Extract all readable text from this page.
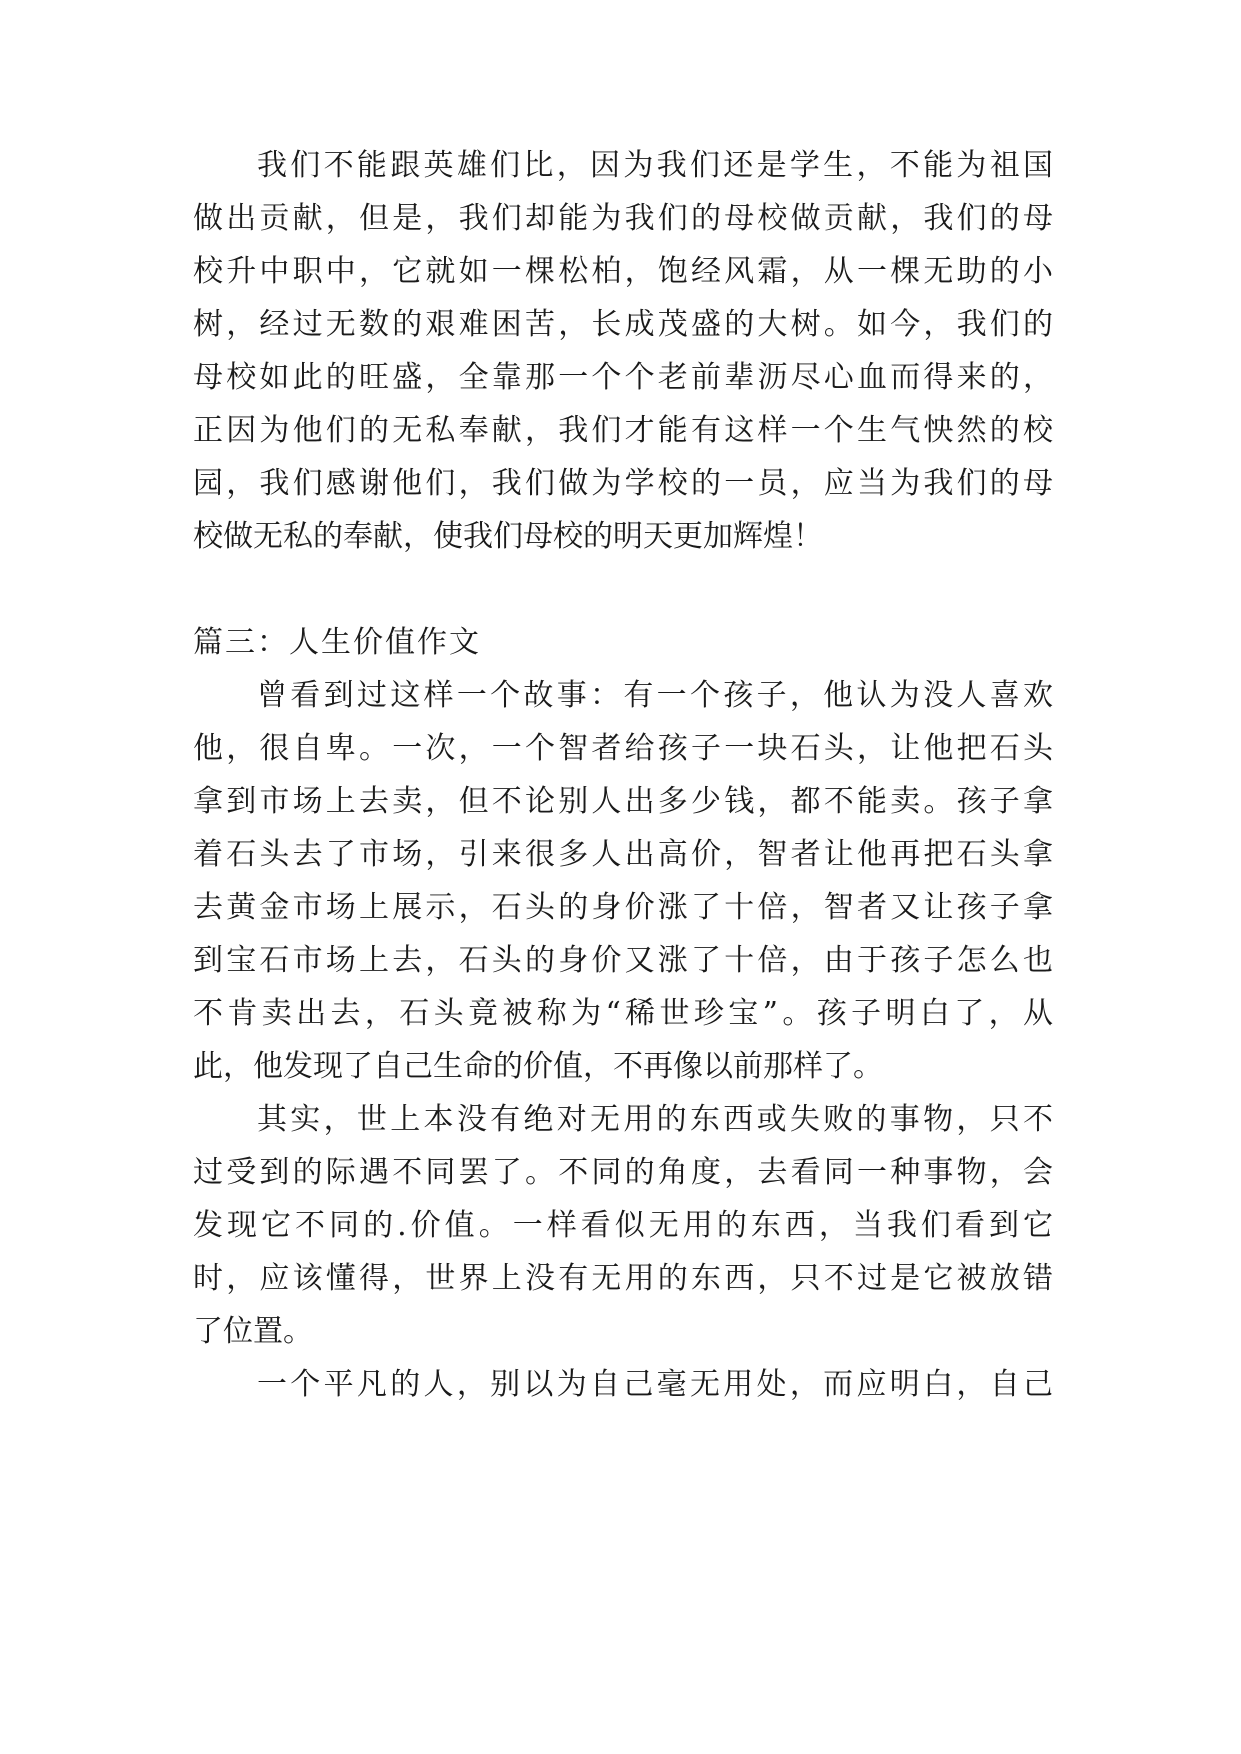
我们不能跟英雄们比，因为我们还是学生，不能为祖国
做出贡献，但是，我们却能为我们的母校做贡献，我们的母
校升中职中，它就如一棵松柏，饱经风霜，从一棵无助的小
树，经过无数的艰难困苦，长成茂盛的大树。如今，我们的
母校如此的旺盛，全靠那一个个老前辈沥尽心血而得来的，
正因为他们的无私奉献，我们才能有这样一个生气怏然的校
园，我们感谢他们，我们做为学校的一员，应当为我们的母
校做无私的奉献，使我们母校的明天更加辉煌！
篇三：人生价值作文
曾看到过这样一个故事：有一个孩子，他认为没人喜欢
他，很自卑。一次，一个智者给孩子一块石头，让他把石头
拿到市场上去卖，但不论别人出多少钱，都不能卖。孩子拿
着石头去了市场，引来很多人出高价，智者让他再把石头拿
去黄金市场上展示，石头的身价涨了十倍，智者又让孩子拿
到宝石市场上去，石头的身价又涨了十倍，由于孩子怎么也
不肯卖出去，石头竟被称为“稀世珍宝”。孩子明白了，从
此，他发现了自己生命的价值，不再像以前那样了。
其实，世上本没有绝对无用的东西或失败的事物，只不
过受到的际遇不同罢了。不同的角度，去看同一种事物，会
发现它不同的.价值。一样看似无用的东西，当我们看到它
时，应该懂得，世界上没有无用的东西，只不过是它被放错
了位置。
一个平凡的人，别以为自己毫无用处，而应明白，自己
